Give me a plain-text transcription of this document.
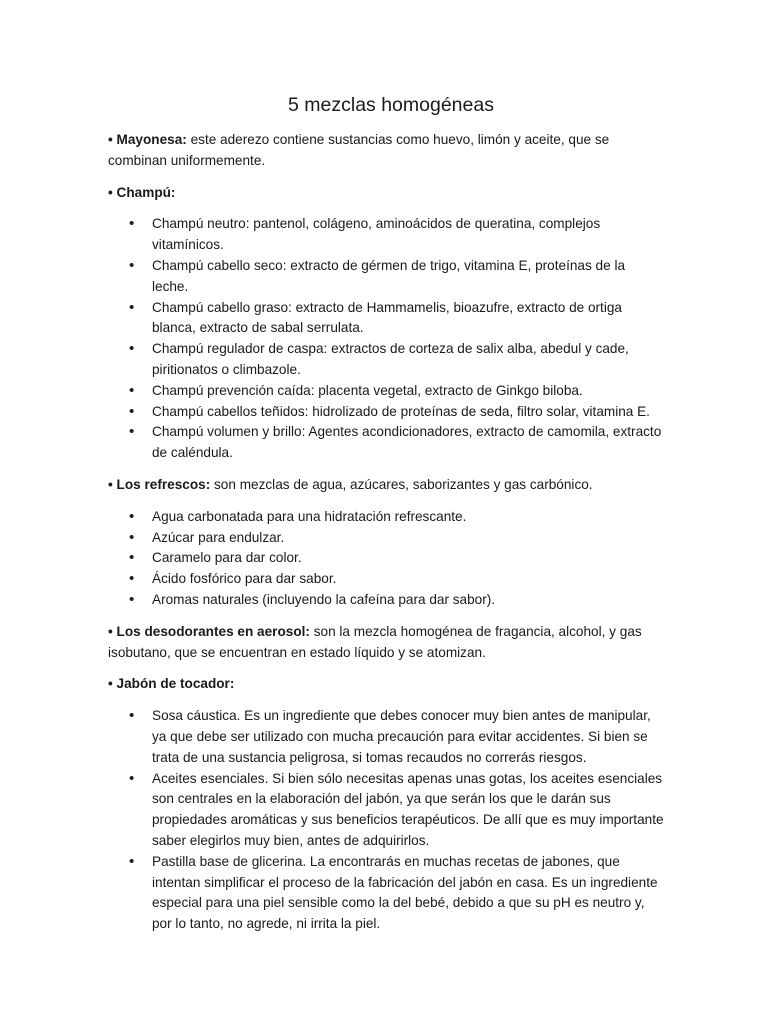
5 mezclas homogéneas

• Mayonesa: este aderezo contiene sustancias como huevo, limón y aceite, que se combinan uniformemente.

• Champú:

• Champú neutro: pantenol, colágeno, aminoácidos de queratina, complejos vitamínicos.
• Champú cabello seco: extracto de gérmen de trigo, vitamina E, proteínas de la leche.
• Champú cabello graso: extracto de Hammamelis, bioazufre, extracto de ortiga blanca, extracto de sabal serrulata.
• Champú regulador de caspa: extractos de corteza de salix alba, abedul y cade, piritionatos o climbazole.
• Champú prevención caída: placenta vegetal, extracto de Ginkgo biloba.
• Champú cabellos teñidos: hidrolizado de proteínas de seda, filtro solar, vitamina E.
• Champú volumen y brillo: Agentes acondicionadores, extracto de camomila, extracto de caléndula.

• Los refrescos: son mezclas de agua, azúcares, saborizantes y gas carbónico.

• Agua carbonatada para una hidratación refrescante.
• Azúcar para endulzar.
• Caramelo para dar color.
• Ácido fosfórico para dar sabor.
• Aromas naturales (incluyendo la cafeína para dar sabor).

• Los desodorantes en aerosol: son la mezcla homogénea de fragancia, alcohol, y gas isobutano, que se encuentran en estado líquido y se atomizan.

• Jabón de tocador:

• Sosa cáustica. Es un ingrediente que debes conocer muy bien antes de manipular, ya que debe ser utilizado con mucha precaución para evitar accidentes. Si bien se trata de una sustancia peligrosa, si tomas recaudos no correrás riesgos.
• Aceites esenciales. Si bien sólo necesitas apenas unas gotas, los aceites esenciales son centrales en la elaboración del jabón, ya que serán los que le darán sus propiedades aromáticas y sus beneficios terapéuticos. De allí que es muy importante saber elegirlos muy bien, antes de adquirirlos.
• Pastilla base de glicerina. La encontrarás en muchas recetas de jabones, que intentan simplificar el proceso de la fabricación del jabón en casa. Es un ingrediente especial para una piel sensible como la del bebé, debido a que su pH es neutro y, por lo tanto, no agrede, ni irrita la piel.
